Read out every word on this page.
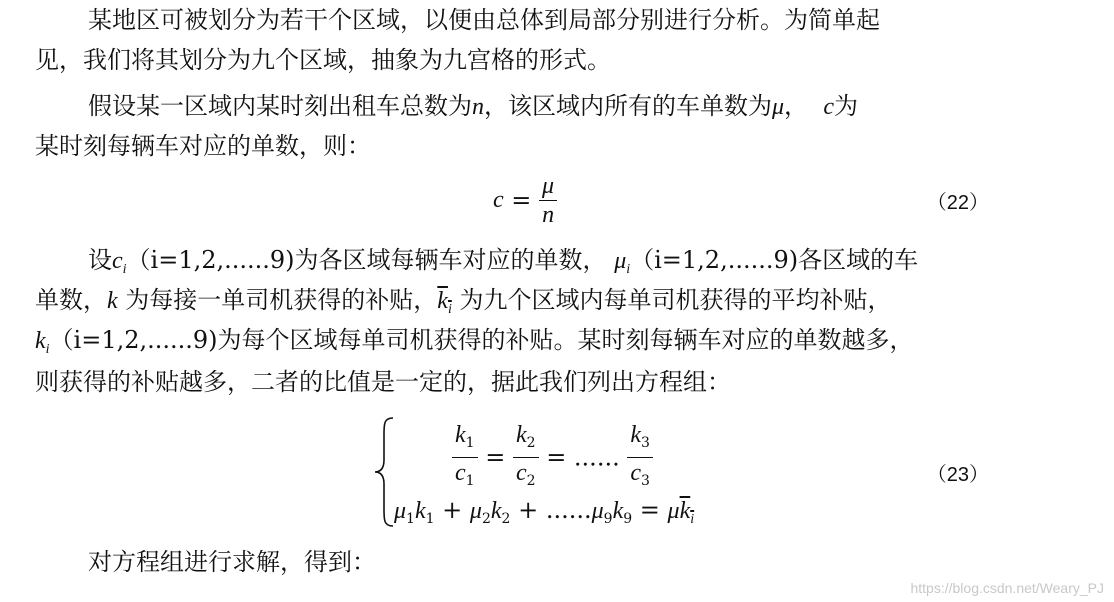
某地区可被划分为若干个区域，以便由总体到局部分别进行分析。为简单起
见，我们将其划分为九个区域，抽象为九宫格的形式。
假设某一区域内某时刻出租车总数为n，该区域内所有的车单数为μ， c为
某时刻每辆车对应的单数，则：
$c = \frac{\mu}{n}$	（22）
设$c_i(i=1,2,......9)$为各区域每辆车对应的单数， $\mu_i(i=1,2,......9)$各区域的车
单数，k 为每接一单司机获得的补贴，$k_i$ 为九个区域内每单司机获得的平均补贴，
$k_i(i=1,2,......9)$为每个区域每单司机获得的补贴。某时刻每辆车对应的单数越多，
则获得的补贴越多，二者的比值是一定的，据此我们列出方程组：
$\frac{k_1}{c_1} = \frac{k_2}{c_2}$ = ...... $\frac{k_3}{c_3}$
$\mu_1k_1 + \mu_2k_2 + ......\mu_9k_9 = \mu k_i$
（23）
对方程组进行求解，得到：
https://blog.csdn.net/Weary_PJ
